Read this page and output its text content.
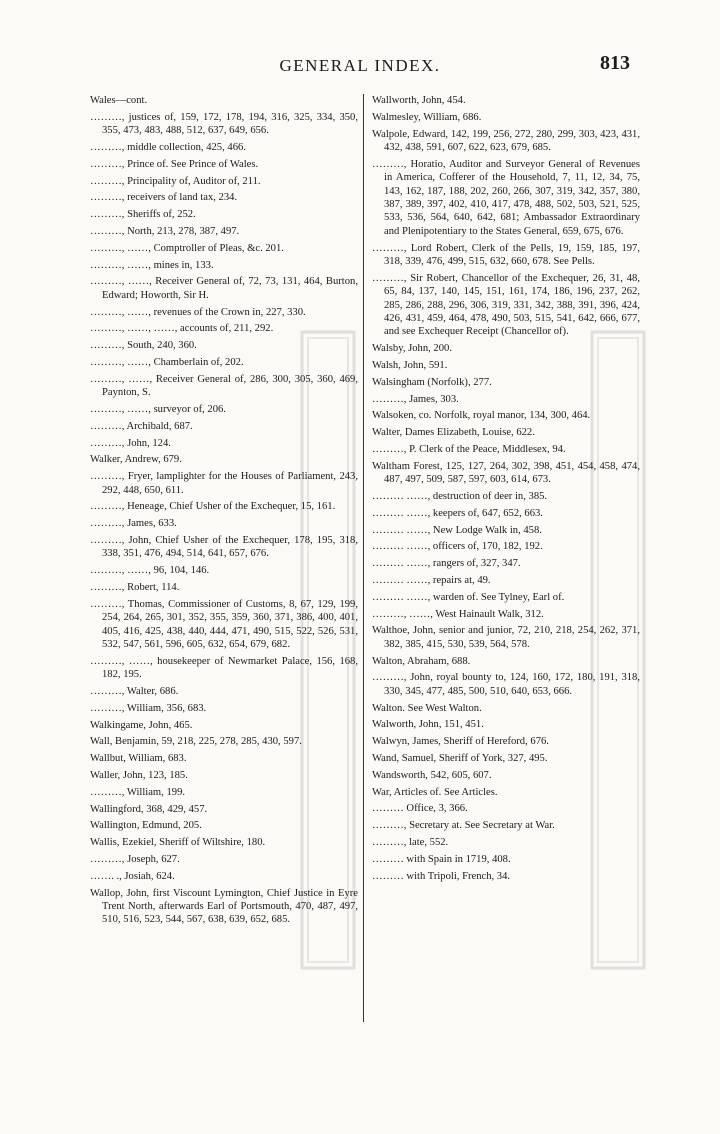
GENERAL INDEX.	813
Wales—cont.
………, justices of, 159, 172, 178, 194, 316, 325, 334, 350, 355, 473, 483, 488, 512, 637, 649, 656.
………, middle collection, 425, 466.
………, Prince of. See Prince of Wales.
………, Principality of, Auditor of, 211.
………, receivers of land tax, 234.
………, Sheriffs of, 252.
………, North, 213, 278, 387, 497.
………, ……, Comptroller of Pleas, &c. 201.
………, ……, mines in, 133.
………, ……, Receiver General of, 72, 73, 131, 464, Burton, Edward; Howorth, Sir H.
………, ……, revenues of the Crown in, 227, 330.
………, ……, ……, accounts of, 211, 292.
………, South, 240, 360.
………, ……, Chamberlain of, 202.
………, ……, Receiver General of, 286, 300, 305, 360, 469, Paynton, S.
………, ……, surveyor of, 206.
………, Archibald, 687.
………, John, 124.
Walker, Andrew, 679.
………, Fryer, lamplighter for the Houses of Parliament, 243, 292, 448, 650, 611.
………, Heneage, Chief Usher of the Exchequer, 15, 161.
………, James, 633.
………, John, Chief Usher of the Exchequer, 178, 195, 318, 338, 351, 476, 494, 514, 641, 657, 676.
………, ……, 96, 104, 146.
………, Robert, 114.
………, Thomas, Commissioner of Customs, 8, 67, 129, 199, 254, 264, 265, 301, 352, 355, 359, 360, 371, 386, 400, 401, 405, 416, 425, 438, 440, 444, 471, 490, 515, 522, 526, 531, 532, 547, 561, 596, 605, 632, 654, 679, 682.
………, ……, housekeeper of Newmarket Palace, 156, 168, 182, 195.
………, Walter, 686.
………, William, 356, 683.
Walkingame, John, 465.
Wall, Benjamin, 59, 218, 225, 278, 285, 430, 597.
Wallbut, William, 683.
Waller, John, 123, 185.
………, William, 199.
Wallingford, 368, 429, 457.
Wallington, Edmund, 205.
Wallis, Ezekiel, Sheriff of Wiltshire, 180.
………, Joseph, 627.
……. ., Josiah, 624.
Wallop, John, first Viscount Lymington, Chief Justice in Eyre Trent North, afterwards Earl of Portsmouth, 470, 487, 497, 510, 516, 523, 544, 567, 638, 639, 652, 685.
Wallworth, John, 454.
Walmesley, William, 686.
Walpole, Edward, 142, 199, 256, 272, 280, 299, 303, 423, 431, 432, 438, 591, 607, 622, 623, 679, 685.
………, Horatio, Auditor and Surveyor General of Revenues in America, Cofferer of the Household, 7, 11, 12, 34, 75, 143, 162, 187, 188, 202, 260, 266, 307, 319, 342, 357, 380, 387, 389, 397, 402, 410, 417, 478, 488, 502, 503, 521, 525, 533, 536, 564, 640, 642, 681; Ambassador Extraordinary and Plenipotentiary to the States General, 659, 675, 676.
………, Lord Robert, Clerk of the Pells, 19, 159, 185, 197, 318, 339, 476, 499, 515, 632, 660, 678. See Pells.
………, Sir Robert, Chancellor of the Exchequer, 26, 31, 48, 65, 84, 137, 140, 145, 151, 161, 174, 186, 196, 237, 262, 285, 286, 288, 296, 306, 319, 331, 342, 388, 391, 396, 424, 426, 431, 459, 464, 478, 490, 503, 515, 541, 642, 666, 677, and see Exchequer Receipt (Chancellor of).
Walsby, John, 200.
Walsh, John, 591.
Walsingham (Norfolk), 277.
………, James, 303.
Walsoken, co. Norfolk, royal manor, 134, 300, 464.
Walter, Dames Elizabeth, Louise, 622.
………, P. Clerk of the Peace, Middlesex, 94.
Waltham Forest, 125, 127, 264, 302, 398, 451, 454, 458, 474, 487, 497, 509, 587, 597, 603, 614, 673.
……… ……, destruction of deer in, 385.
……… ……, keepers of, 647, 652, 663.
……… ……, New Lodge Walk in, 458.
……… ……, officers of, 170, 182, 192.
……… ……, rangers of, 327, 347.
……… ……, repairs at, 49.
……… ……, warden of. See Tylney, Earl of.
………, ……, West Hainault Walk, 312.
Walthoe, John, senior and junior, 72, 210, 218, 254, 262, 371, 382, 385, 415, 530, 539, 564, 578.
Walton, Abraham, 688.
………, John, royal bounty to, 124, 160, 172, 180, 191, 318, 330, 345, 477, 485, 500, 510, 640, 653, 666.
Walton. See West Walton.
Walworth, John, 151, 451.
Walwyn, James, Sheriff of Hereford, 676.
Wand, Samuel, Sheriff of York, 327, 495.
Wandsworth, 542, 605, 607.
War, Articles of. See Articles.
……… Office, 3, 366.
………, Secretary at. See Secretary at War.
………, late, 552.
……… with Spain in 1719, 408.
……… with Tripoli, French, 34.
